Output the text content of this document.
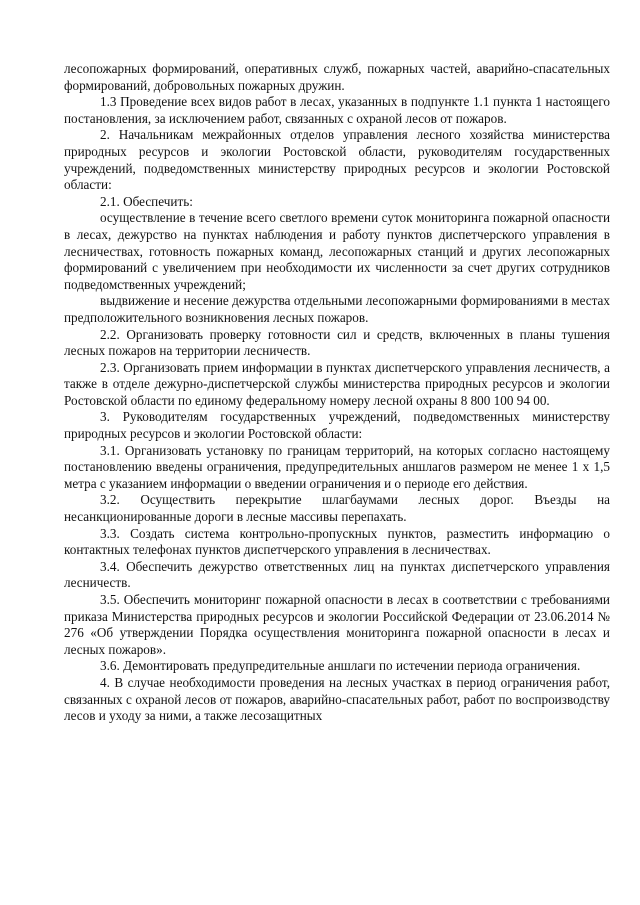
лесопожарных формирований, оперативных служб, пожарных частей, аварийно-спасательных формирований, добровольных пожарных дружин.

1.3 Проведение всех видов работ в лесах, указанных в подпункте 1.1 пункта 1 настоящего постановления, за исключением работ, связанных с охраной лесов от пожаров.

2. Начальникам межрайонных отделов управления лесного хозяйства министерства природных ресурсов и экологии Ростовской области, руководителям государственных учреждений, подведомственных министерству природных ресурсов и экологии Ростовской области:

2.1. Обеспечить:

осуществление в течение всего светлого времени суток мониторинга пожарной опасности в лесах, дежурство на пунктах наблюдения и работу пунктов диспетчерского управления в лесничествах, готовность пожарных команд, лесопожарных станций и других лесопожарных формирований с увеличением при необходимости их численности за счет других сотрудников подведомственных учреждений;

выдвижение и несение дежурства отдельными лесопожарными формированиями в местах предположительного возникновения лесных пожаров.

2.2. Организовать проверку готовности сил и средств, включенных в планы тушения лесных пожаров на территории лесничеств.

2.3. Организовать прием информации в пунктах диспетчерского управления лесничеств, а также в отделе дежурно-диспетчерской службы министерства природных ресурсов и экологии Ростовской области по единому федеральному номеру лесной охраны 8 800 100 94 00.

3. Руководителям государственных учреждений, подведомственных министерству природных ресурсов и экологии Ростовской области:

3.1. Организовать установку по границам территорий, на которых согласно настоящему постановлению введены ограничения, предупредительных аншлагов размером не менее 1 х 1,5 метра с указанием информации о введении ограничения и о периоде его действия.

3.2. Осуществить перекрытие шлагбаумами лесных дорог. Въезды на несанкционированные дороги в лесные массивы перепахать.

3.3. Создать система контрольно-пропускных пунктов, разместить информацию о контактных телефонах пунктов диспетчерского управления в лесничествах.

3.4. Обеспечить дежурство ответственных лиц на пунктах диспетчерского управления лесничеств.

3.5. Обеспечить мониторинг пожарной опасности в лесах в соответствии с требованиями приказа Министерства природных ресурсов и экологии Российской Федерации от 23.06.2014 № 276 «Об утверждении Порядка осуществления мониторинга пожарной опасности в лесах и лесных пожаров».

3.6. Демонтировать предупредительные аншлаги по истечении периода ограничения.

4. В случае необходимости проведения на лесных участках в период ограничения работ, связанных с охраной лесов от пожаров, аварийно-спасательных работ, работ по воспроизводству лесов и уходу за ними, а также лесозащитных
